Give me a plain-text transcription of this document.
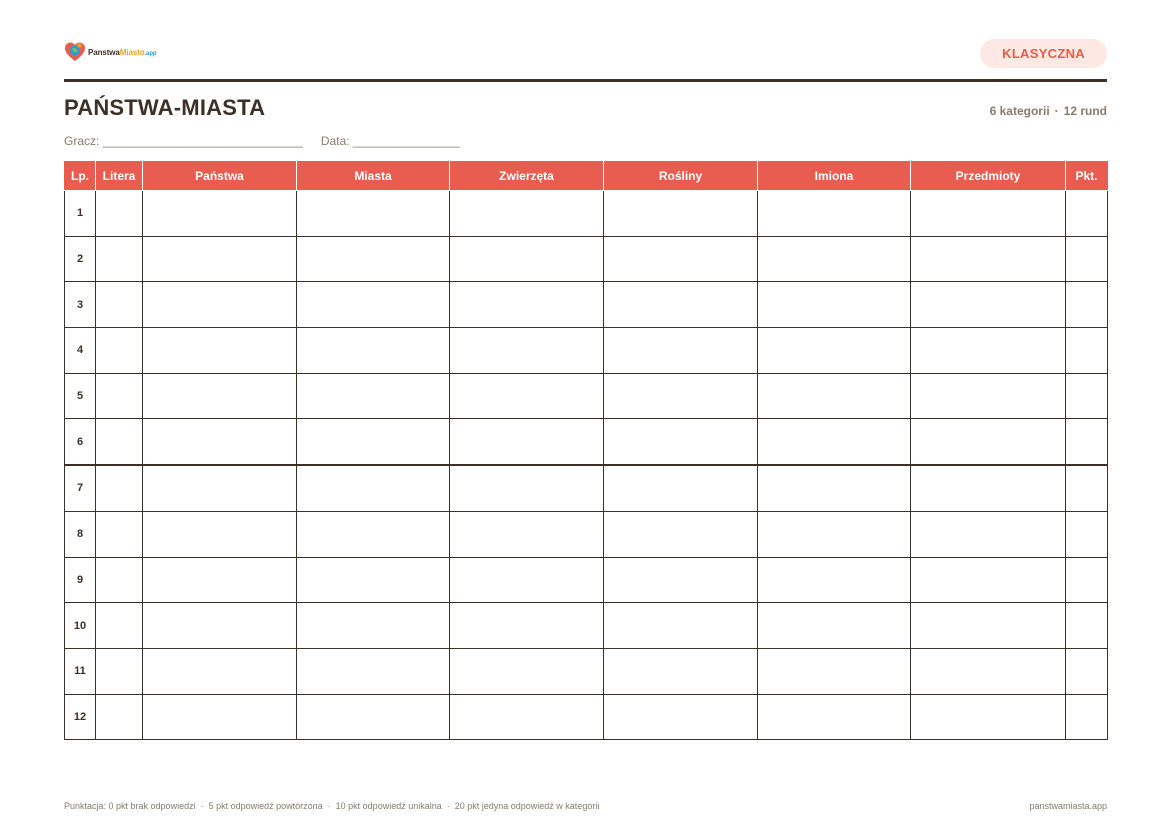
PanstwaMiasto.app	KLASYCZNA
PAŃSTWA-MIASTA	6 kategorii · 12 rund
Gracz: ______________________________ Data: ________________
Lp.	Litera	Państwa	Miasta	Zwierzęta	Rośliny	Imiona	Przedmioty	Pkt.
1								
2								
3								
4								
5								
6								
7								
8								
9								
10								
11								
12								
Punktacja: 0 pkt brak odpowiedzi · 5 pkt odpowiedź powtórzona · 10 pkt odpowiedź unikalna · 20 pkt jedyna odpowiedź w kategorii	panstwamiasta.app
